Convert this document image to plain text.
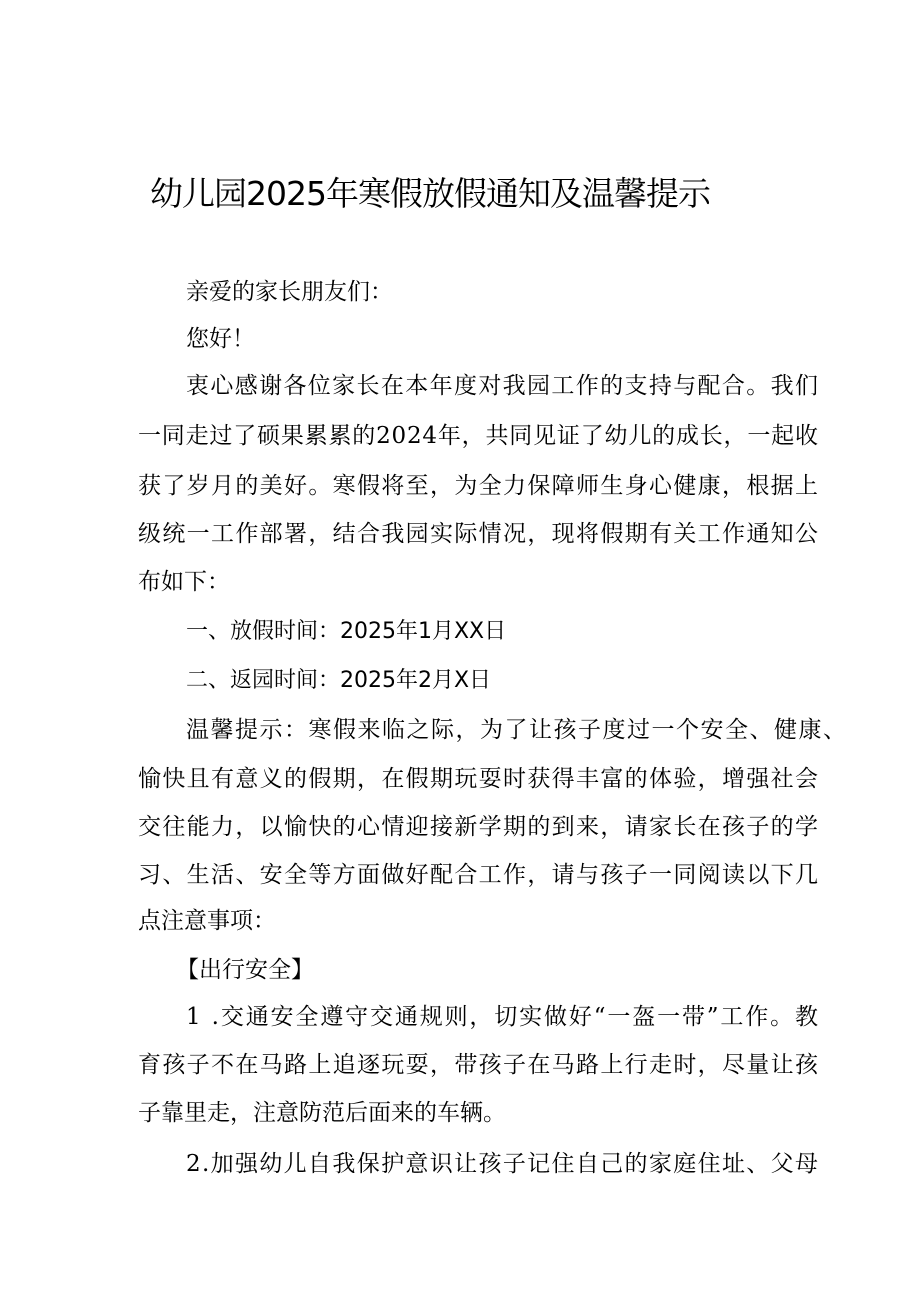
幼儿园2025年寒假放假通知及温馨提示

亲爱的家长朋友们：

您好！

衷心感谢各位家长在本年度对我园工作的支持与配合。我们

一同走过了硕果累累的2024年，共同见证了幼儿的成长，一起收

获了岁月的美好。寒假将至，为全力保障师生身心健康，根据上

级统一工作部署，结合我园实际情况，现将假期有关工作通知公

布如下：

一、放假时间：2025年1月XX日

二、返园时间：2025年2月X日

温馨提示：寒假来临之际，为了让孩子度过一个安全、健康、

愉快且有意义的假期，在假期玩耍时获得丰富的体验，增强社会

交往能力，以愉快的心情迎接新学期的到来，请家长在孩子的学

习、生活、安全等方面做好配合工作，请与孩子一同阅读以下几

点注意事项：

【出行安全】

1 .交通安全遵守交通规则，切实做好“一盔一带”工作。教

育孩子不在马路上追逐玩耍，带孩子在马路上行走时，尽量让孩

子靠里走，注意防范后面来的车辆。

2.加强幼儿自我保护意识让孩子记住自己的家庭住址、父母
